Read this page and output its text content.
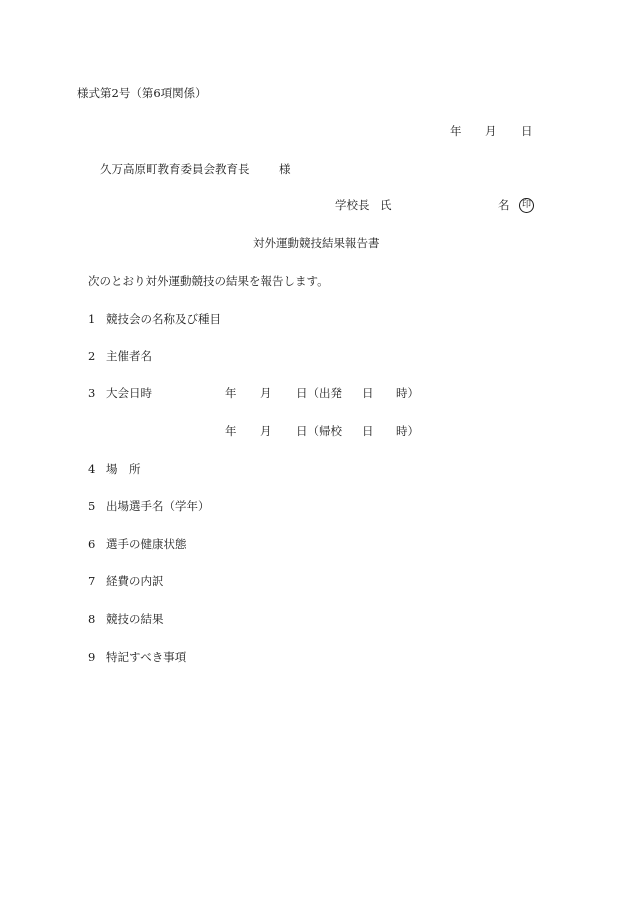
様式第2号（第6項関係）
年 月 日
久万高原町教育委員会教育長	様
学校長 氏	名	印
対外運動競技結果報告書
次のとおり対外運動競技の結果を報告します。
1 競技会の名称及び種目
2 主催者名
3 大会日時	年 月 日（出発 日 時）
年 月 日（帰校 日 時）
4 場　所
5 出場選手名（学年）
6 選手の健康状態
7 経費の内訳
8 競技の結果
9 特記すべき事項
